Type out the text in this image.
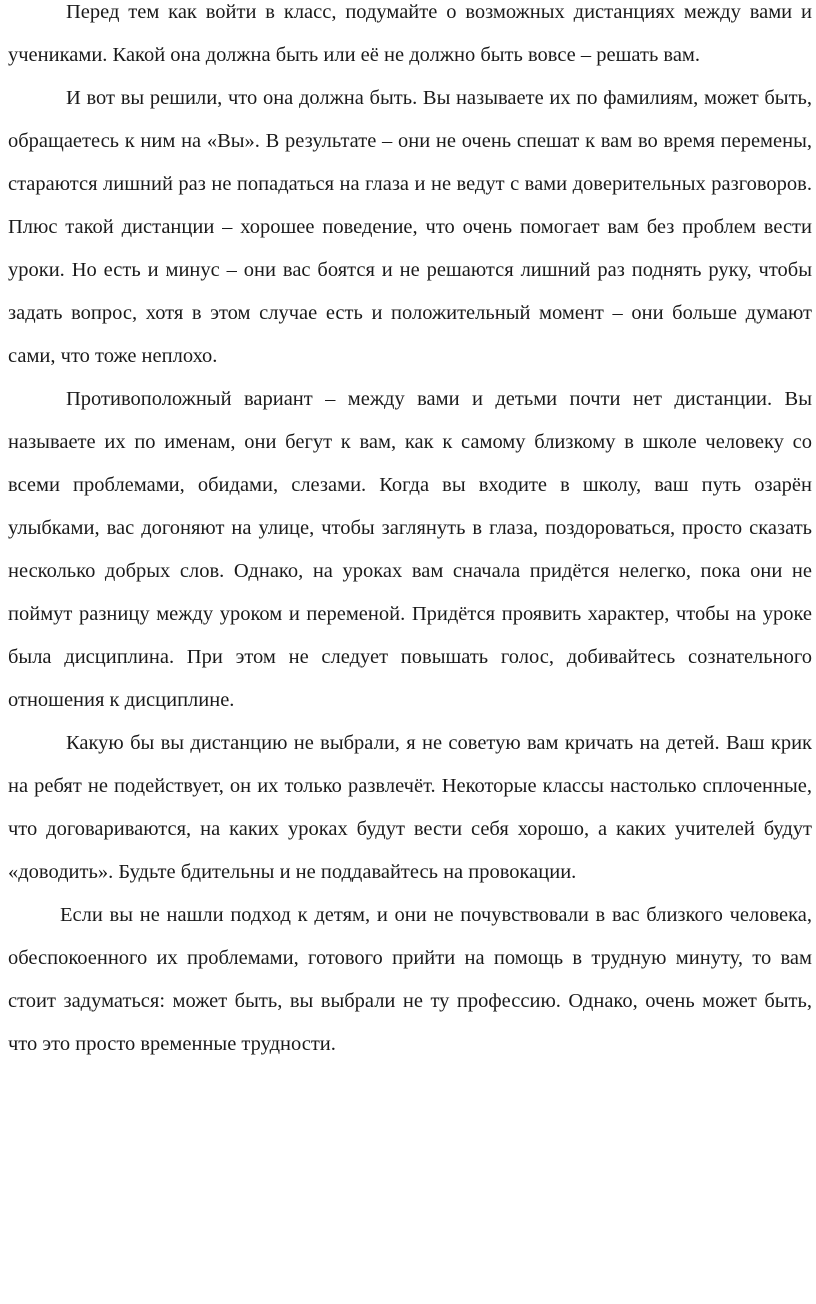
Перед тем как войти в класс, подумайте о возможных дистанциях между вами и учениками. Какой она должна быть или её не должно быть вовсе – решать вам.

И вот вы решили, что она должна быть. Вы называете их по фамилиям, может быть, обращаетесь к ним на «Вы». В результате – они не очень спешат к вам во время перемены, стараются лишний раз не попадаться на глаза и не ведут с вами доверительных разговоров. Плюс такой дистанции – хорошее поведение, что очень помогает вам без проблем вести уроки. Но есть и минус – они вас боятся и не решаются лишний раз поднять руку, чтобы задать вопрос, хотя в этом случае есть и положительный момент – они больше думают сами, что тоже неплохо.

Противоположный вариант – между вами и детьми почти нет дистанции. Вы называете их по именам, они бегут к вам, как к самому близкому в школе человеку со всеми проблемами, обидами, слезами. Когда вы входите в школу, ваш путь озарён улыбками, вас догоняют на улице, чтобы заглянуть в глаза, поздороваться, просто сказать несколько добрых слов. Однако, на уроках вам сначала придётся нелегко, пока они не поймут разницу между уроком и переменой. Придётся проявить характер, чтобы на уроке была дисциплина. При этом не следует повышать голос, добивайтесь сознательного отношения к дисциплине.

Какую бы вы дистанцию не выбрали, я не советую вам кричать на детей. Ваш крик на ребят не подействует, он их только развлечёт. Некоторые классы настолько сплоченные, что договариваются, на каких уроках будут вести себя хорошо, а каких учителей будут «доводить». Будьте бдительны и не поддавайтесь на провокации.

Если вы не нашли подход к детям, и они не почувствовали в вас близкого человека, обеспокоенного их проблемами, готового прийти на помощь в трудную минуту, то вам стоит задуматься: может быть, вы выбрали не ту профессию. Однако, очень может быть, что это просто временные трудности.
